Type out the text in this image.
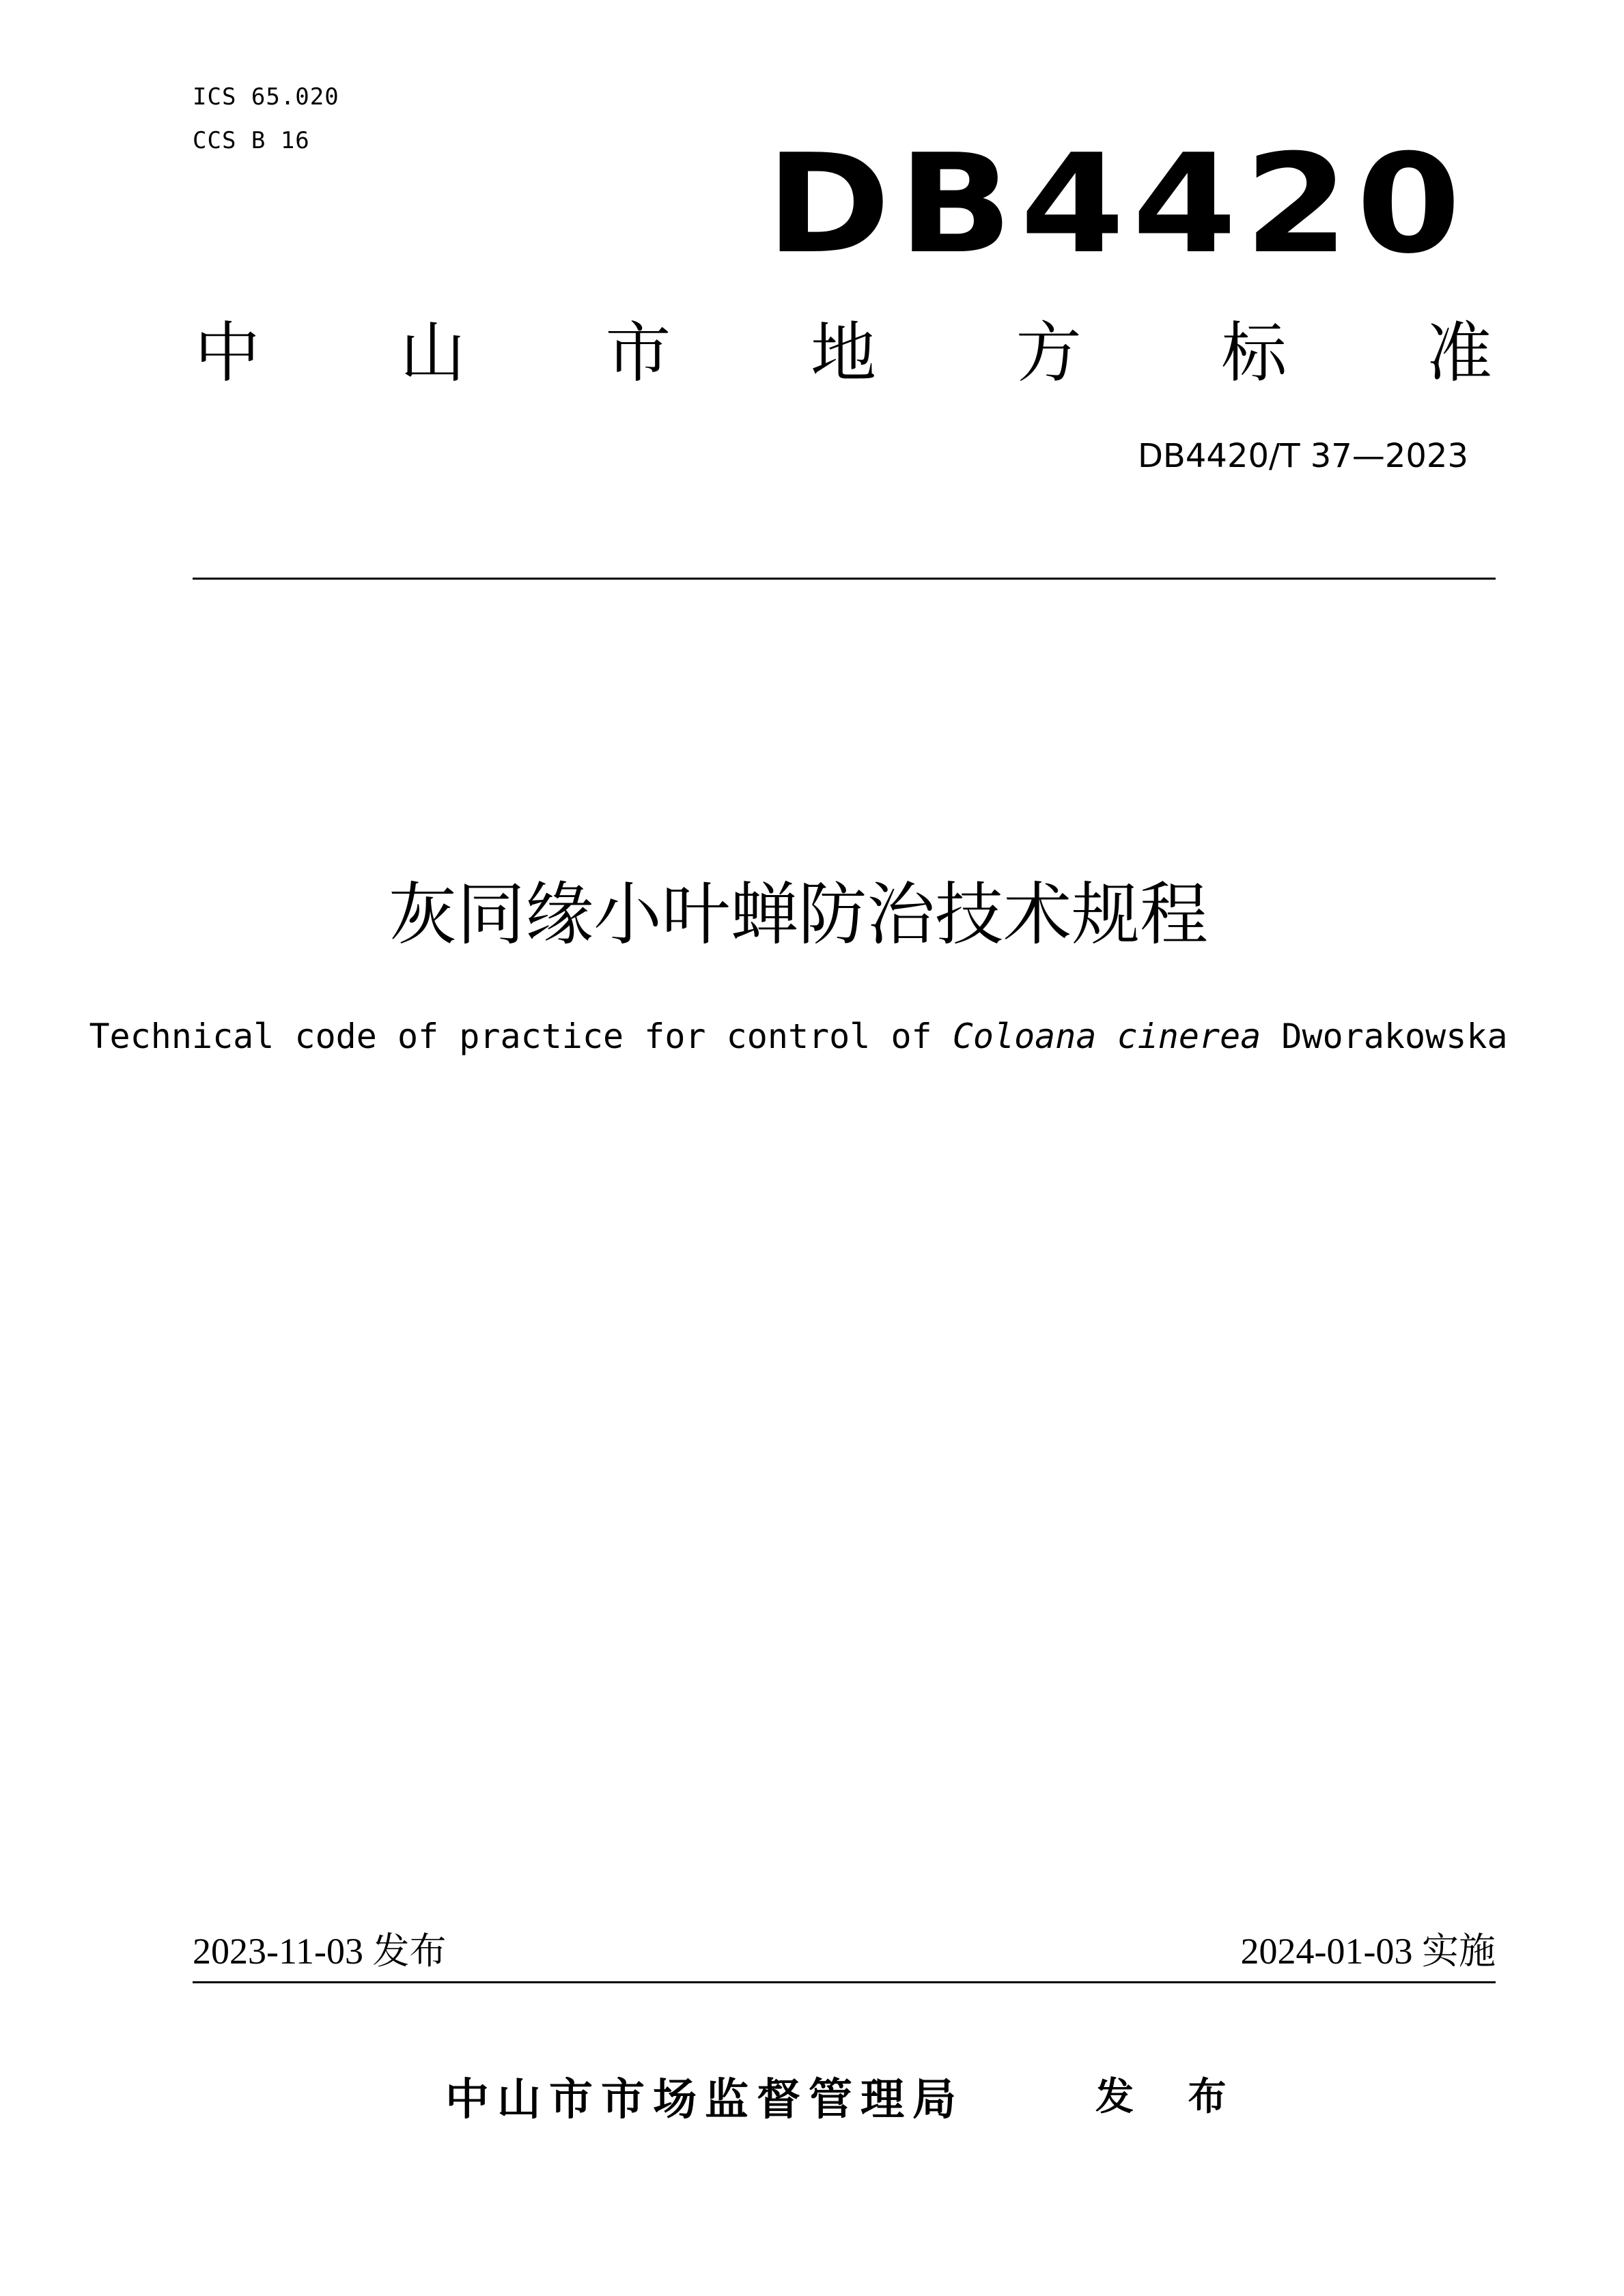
ICS 65.020
CCS B 16	DB4420
中 山 市 地 方 标 准
DB4420/T 37—2023
灰同缘小叶蝉防治技术规程
Technical code of practice for control of Coloana cinerea Dworakowska
2023-11-03 发布	2024-01-03 实施
中山市市场监督管理局	发 布
